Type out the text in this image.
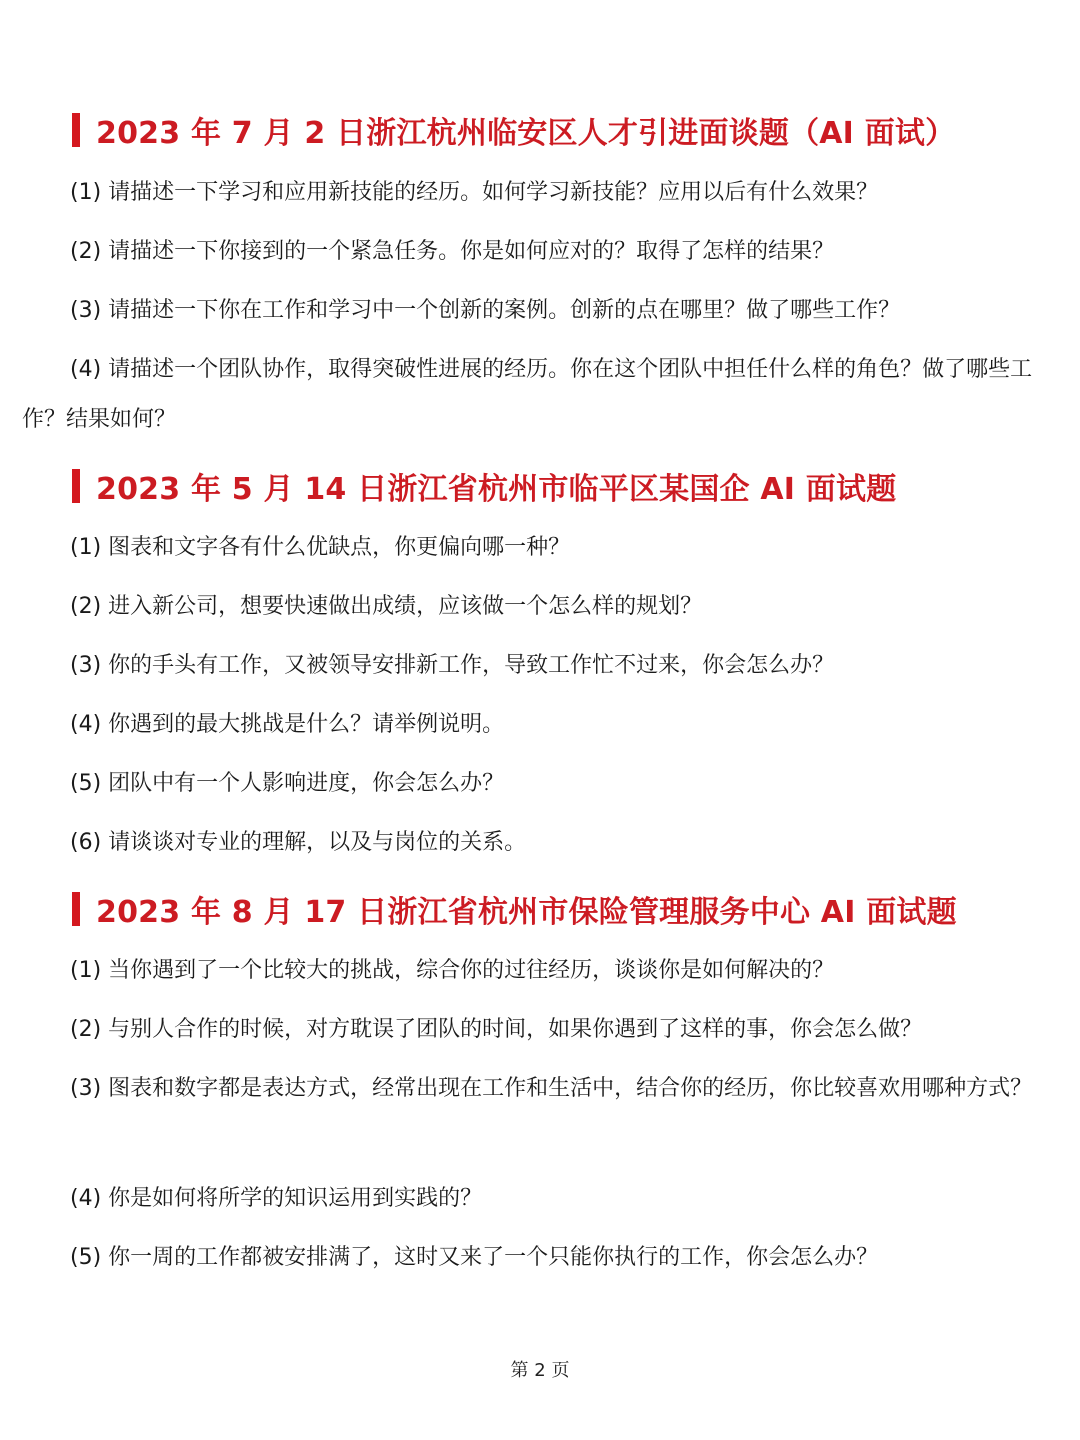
2023 年 7 月 2 日浙江杭州临安区人才引进面谈题（AI 面试）

(1) 请描述一下学习和应用新技能的经历。如何学习新技能？应用以后有什么效果？

(2) 请描述一下你接到的一个紧急任务。你是如何应对的？取得了怎样的结果？

(3) 请描述一下你在工作和学习中一个创新的案例。创新的点在哪里？做了哪些工作？

(4) 请描述一个团队协作，取得突破性进展的经历。你在这个团队中担任什么样的角色？做了哪些工作？结果如何？

2023 年 5 月 14 日浙江省杭州市临平区某国企 AI 面试题

(1) 图表和文字各有什么优缺点，你更偏向哪一种？

(2) 进入新公司，想要快速做出成绩，应该做一个怎么样的规划？

(3) 你的手头有工作，又被领导安排新工作，导致工作忙不过来，你会怎么办？

(4) 你遇到的最大挑战是什么？请举例说明。

(5) 团队中有一个人影响进度，你会怎么办？

(6) 请谈谈对专业的理解，以及与岗位的关系。

2023 年 8 月 17 日浙江省杭州市保险管理服务中心 AI 面试题

(1) 当你遇到了一个比较大的挑战，综合你的过往经历，谈谈你是如何解决的？

(2) 与别人合作的时候，对方耽误了团队的时间，如果你遇到了这样的事，你会怎么做？

(3) 图表和数字都是表达方式，经常出现在工作和生活中，结合你的经历，你比较喜欢用哪种方式？

(4) 你是如何将所学的知识运用到实践的？

(5) 你一周的工作都被安排满了，这时又来了一个只能你执行的工作，你会怎么办？

第 2 页
